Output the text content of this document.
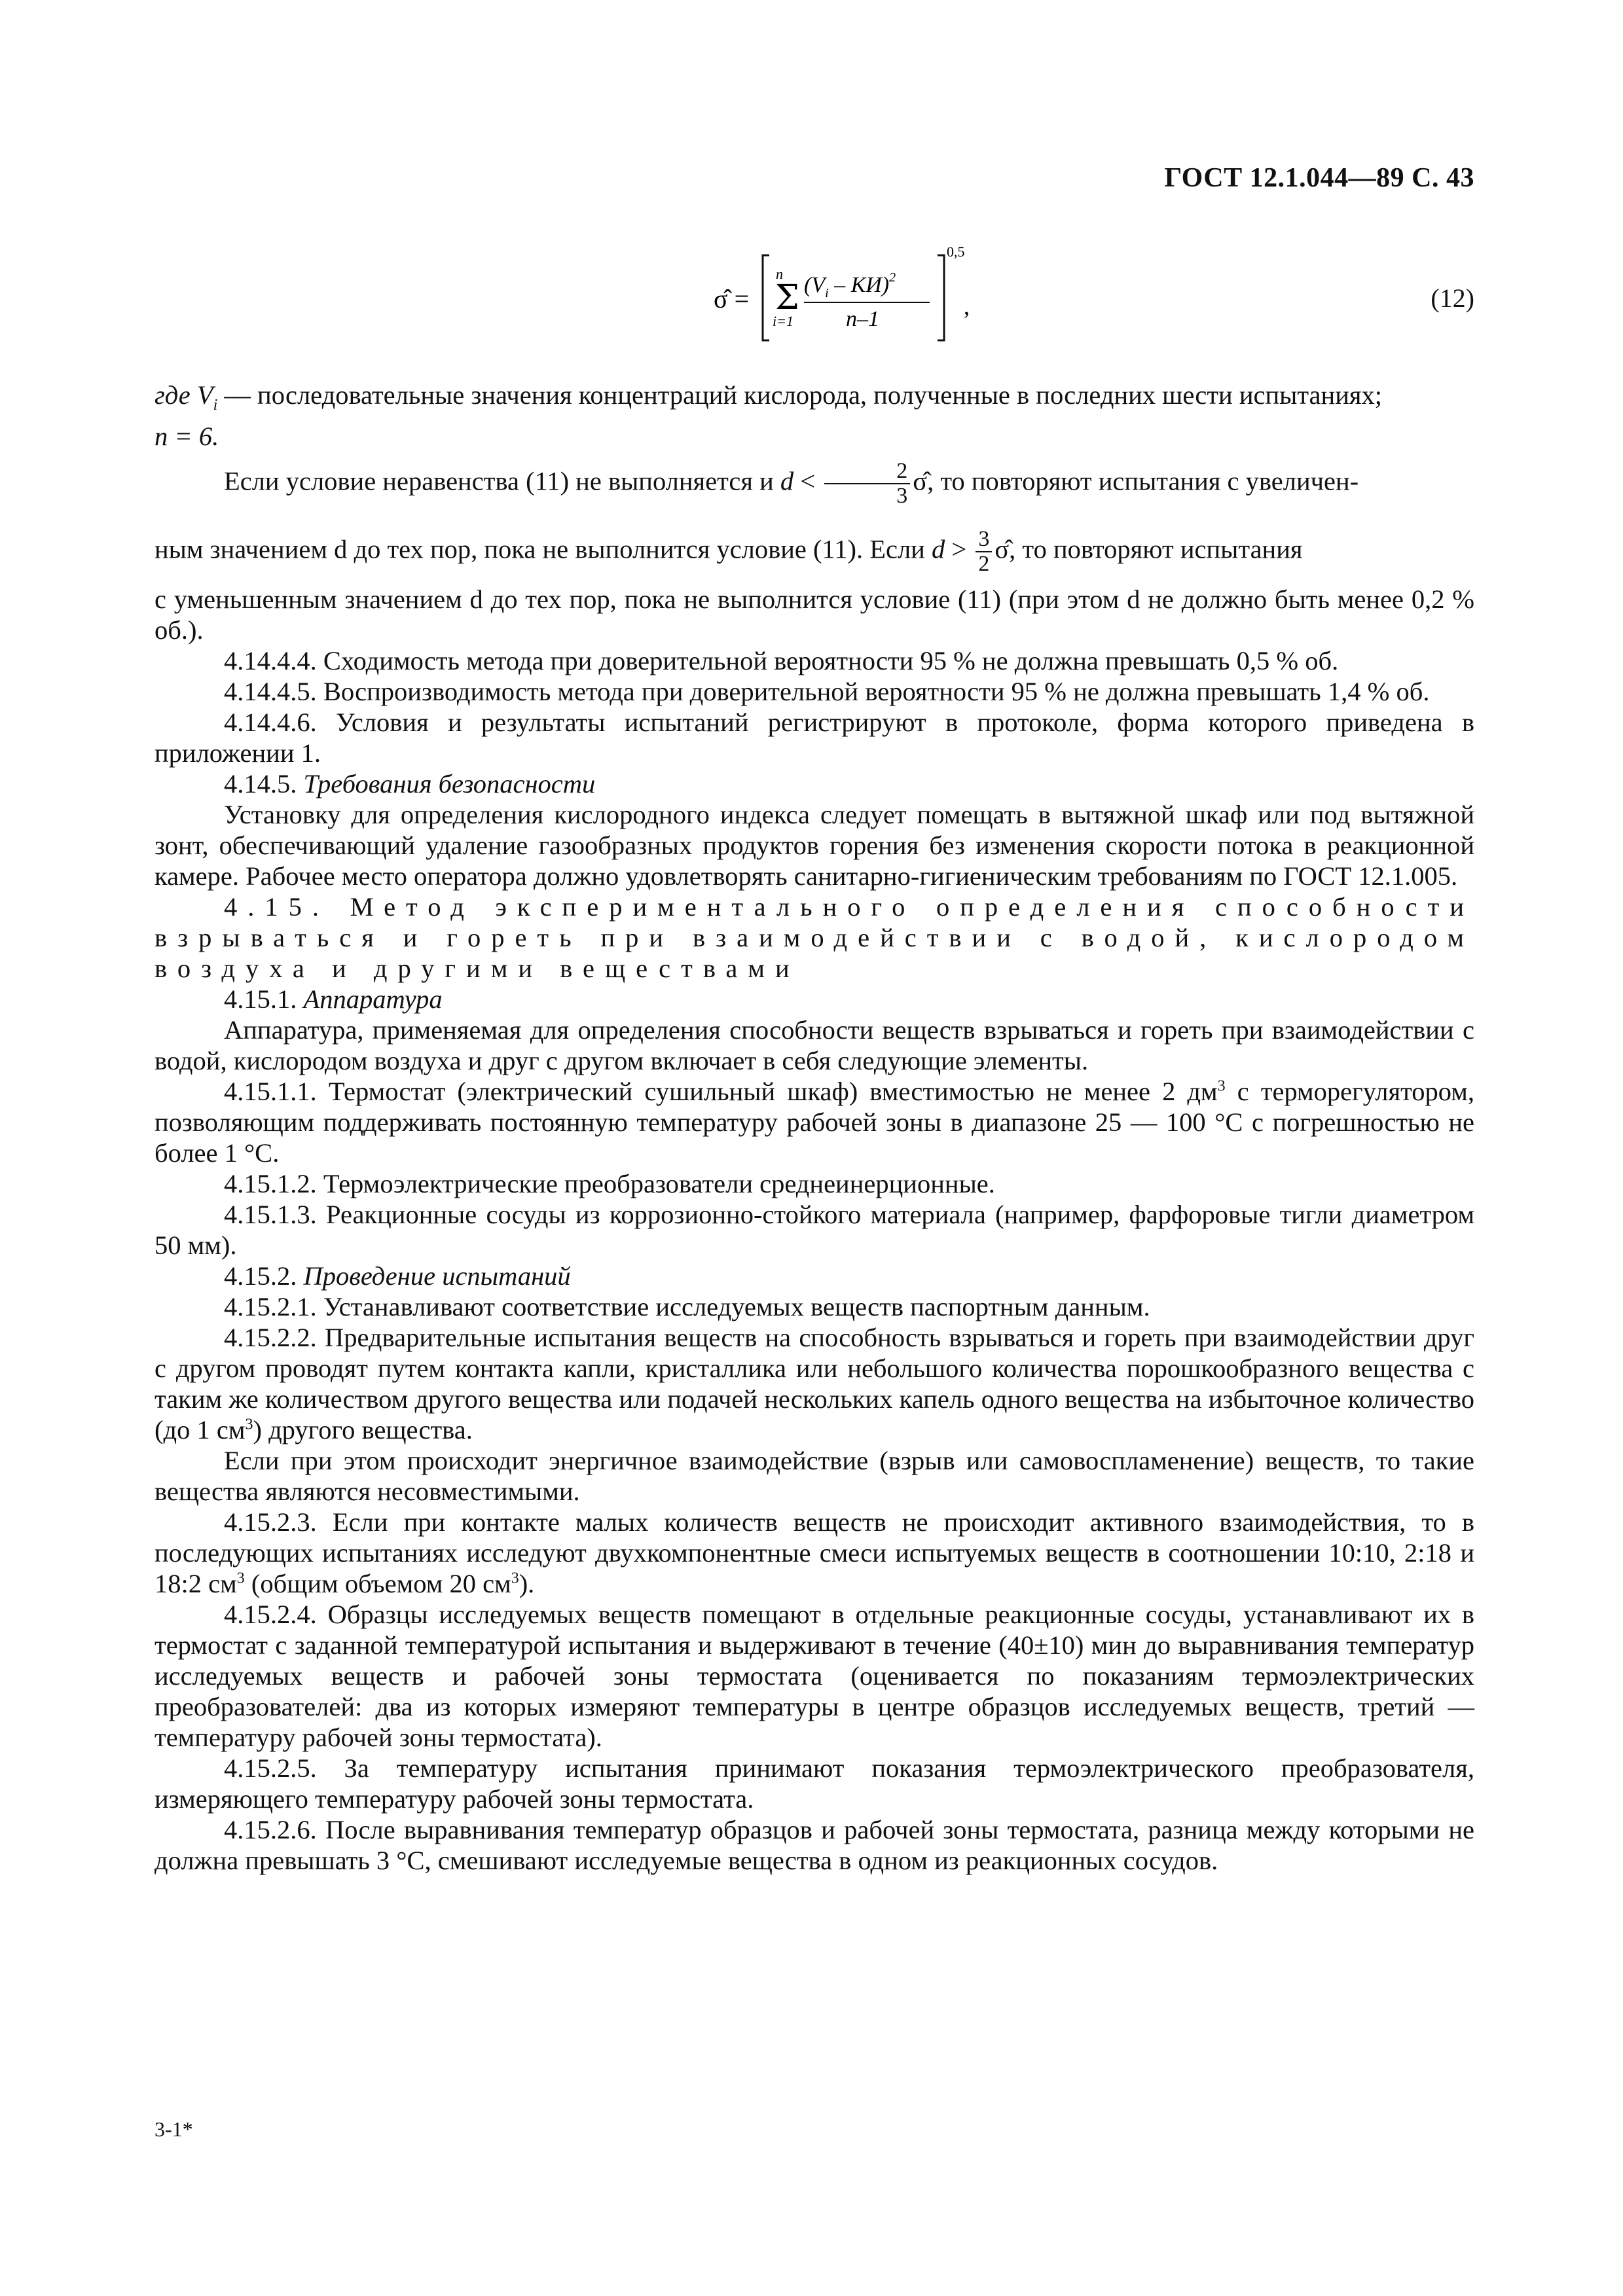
ГОСТ 12.1.044—89 С. 43
σ̂ =
n
Σ
i=1
$(V_i - КИ)^2$
n–1
0,5
,	(12)

где $V_i$ — последовательные значения концентраций кислорода, полученные в последних шести испытаниях;

n = 6.

Если условие неравенства (11) не выполняется и $d < \frac{2}{3}$ σ̂, то повторяют испытания с увеличен-

ным значением d до тех пор, пока не выполнится условие (11). Если $d > \frac{3}{2}$ σ̂, то повторяют испытания

с уменьшенным значением d до тех пор, пока не выполнится условие (11) (при этом d не должно быть менее 0,2 % об.).

4.14.4.4. Сходимость метода при доверительной вероятности 95 % не должна превышать 0,5 % об.

4.14.4.5. Воспроизводимость метода при доверительной вероятности 95 % не должна превышать 1,4 % об.

4.14.4.6. Условия и результаты испытаний регистрируют в протоколе, форма которого приведена в приложении 1.

4.14.5. Требования безопасности

Установку для определения кислородного индекса следует помещать в вытяжной шкаф или под вытяжной зонт, обеспечивающий удаление газообразных продуктов горения без изменения скорости потока в реакционной камере. Рабочее место оператора должно удовлетворять санитарно-гигиеническим требованиям по ГОСТ 12.1.005.

4.15. Метод экспериментального определения способности взрываться и гореть при взаимодействии с водой, кислородом воздуха и другими веществами

4.15.1. Аппаратура

Аппаратура, применяемая для определения способности веществ взрываться и гореть при взаимодействии с водой, кислородом воздуха и друг с другом включает в себя следующие элементы.

4.15.1.1. Термостат (электрический сушильный шкаф) вместимостью не менее 2 $дм^3$ с терморегулятором, позволяющим поддерживать постоянную температуру рабочей зоны в диапазоне 25 — 100 °С с погрешностью не более 1 °С.

4.15.1.2. Термоэлектрические преобразователи среднеинерционные.

4.15.1.3. Реакционные сосуды из коррозионно-стойкого материала (например, фарфоровые тигли диаметром 50 мм).

4.15.2. Проведение испытаний

4.15.2.1. Устанавливают соответствие исследуемых веществ паспортным данным.

4.15.2.2. Предварительные испытания веществ на способность взрываться и гореть при взаимодействии друг с другом проводят путем контакта капли, кристаллика или небольшого количества порошкообразного вещества с таким же количеством другого вещества или подачей нескольких капель одного вещества на избыточное количество (до 1 $см^3$) другого вещества.

Если при этом происходит энергичное взаимодействие (взрыв или самовоспламенение) веществ, то такие вещества являются несовместимыми.

4.15.2.3. Если при контакте малых количеств веществ не происходит активного взаимодействия, то в последующих испытаниях исследуют двухкомпонентные смеси испытуемых веществ в соотношении 10:10, 2:18 и 18:2 $см^3$ (общим объемом 20 $см^3$).

4.15.2.4. Образцы исследуемых веществ помещают в отдельные реакционные сосуды, устанавливают их в термостат с заданной температурой испытания и выдерживают в течение (40±10) мин до выравнивания температур исследуемых веществ и рабочей зоны термостата (оценивается по показаниям термоэлектрических преобразователей: два из которых измеряют температуры в центре образцов исследуемых веществ, третий — температуру рабочей зоны термостата).

4.15.2.5. За температуру испытания принимают показания термоэлектрического преобразователя, измеряющего температуру рабочей зоны термостата.

4.15.2.6. После выравнивания температур образцов и рабочей зоны термостата, разница между которыми не должна превышать 3 °С, смешивают исследуемые вещества в одном из реакционных сосудов.

3-1*
